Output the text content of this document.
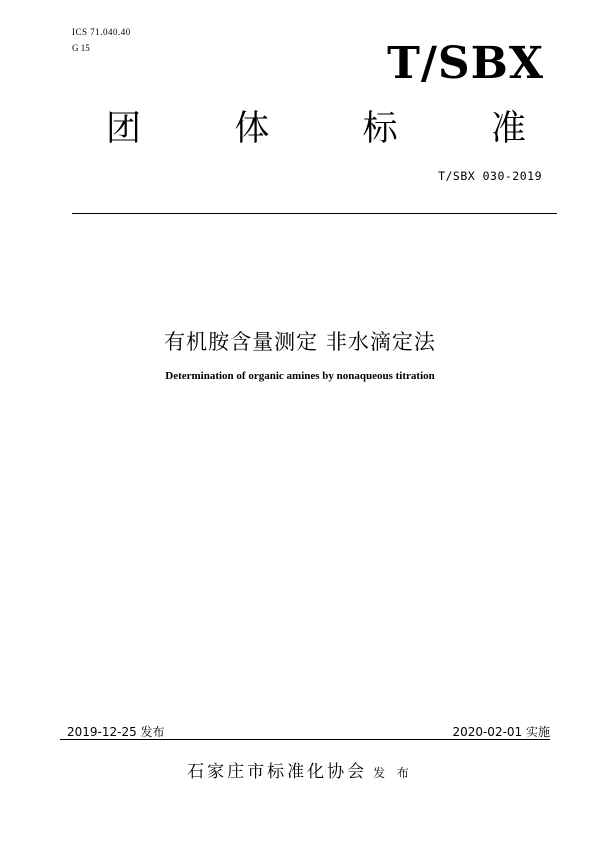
ICS 71.040.40
G 15	T/SBX
团	体	标	准
T/SBX 030-2019
有机胺含量测定 非水滴定法
Determination of organic amines by nonaqueous titration
2019-12-25 发布	2020-02-01 实施
石家庄市标准化协会 发 布
